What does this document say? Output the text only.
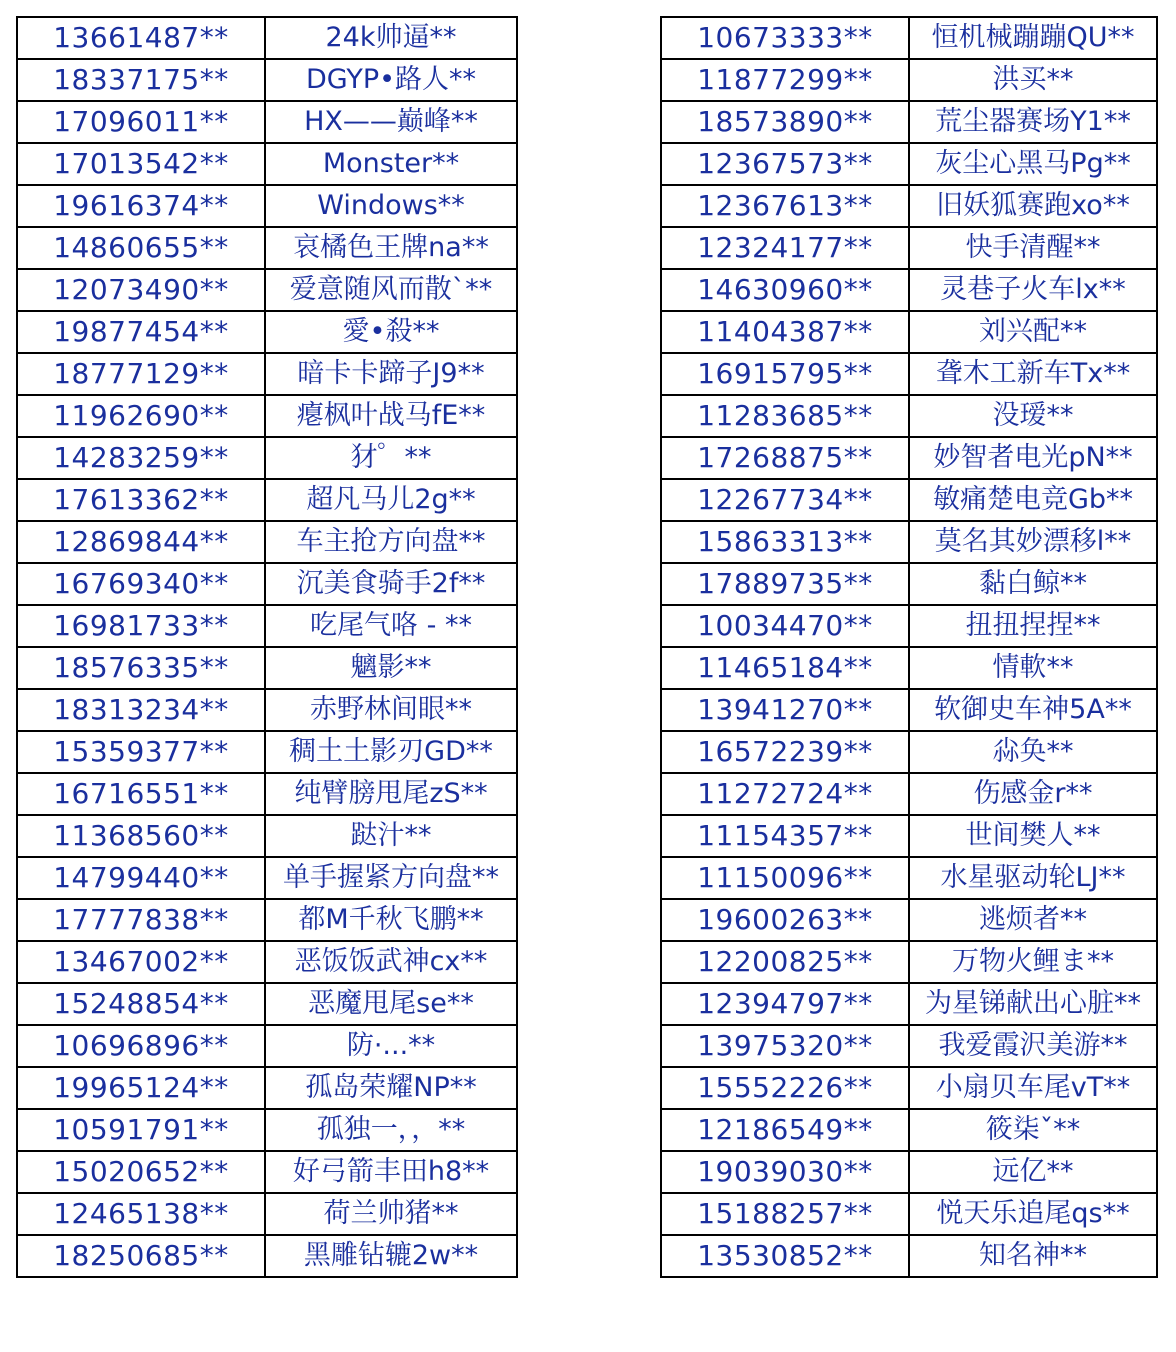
13661487**	24k帅逼**
18337175**	DGYP•路人**
17096011**	HX——巅峰**
17013542**	Monster**
19616374**	Windows**
14860655**	哀橘色王牌na**
12073490**	爱意随风而散ˋ**
19877454**	愛•殺**
18777129**	暗卡卡蹄子J9**
11962690**	瘪枫叶战马fE**
14283259**	犲゜**
17613362**	超凡马儿2g**
12869844**	车主抢方向盘**
16769340**	沉美食骑手2f**
16981733**	吃尾气咯 - **
18576335**	魑影**
18313234**	赤野林间眼**
15359377**	稠土土影刃GD**
16716551**	纯臂膀甩尾zS**
11368560**	跶汁**
14799440**	单手握紧方向盘**
17777838**	都M千秋飞鹏**
13467002**	恶饭饭武神cx**
15248854**	恶魔甩尾se**
10696896**	防·...**
19965124**	孤岛荣耀NP**
10591791**	孤独一，，**
15020652**	好弓箭丰田h8**
12465138**	荷兰帅猪**
18250685**	黑雕钻辘2w**
10673333**	恒机械蹦蹦QU**
11877299**	洪买**
18573890**	荒尘器赛场Y1**
12367573**	灰尘心黑马Pg**
12367613**	旧妖狐赛跑xo**
12324177**	快手清醒**
14630960**	灵巷子火车lx**
11404387**	刘兴配**
16915795**	聋木工新车Tx**
11283685**	没瑷**
17268875**	妙智者电光pN**
12267734**	敏痛楚电竞Gb**
15863313**	莫名其妙漂移l**
17889735**	黏白鲸**
10034470**	扭扭捏捏**
11465184**	情軟**
13941270**	软御史车神5A**
16572239**	尛奂**
11272724**	伤感金r**
11154357**	世间樊人**
11150096**	水星驱动轮LJ**
19600263**	逃烦者**
12200825**	万物火鲤ま**
12394797**	为星锑献出心脏**
13975320**	我爱霞沢美游**
15552226**	小扇贝车尾vT**
12186549**	筱柒ˇ**
19039030**	远亿**
15188257**	悦天乐追尾qs**
13530852**	知名神**
